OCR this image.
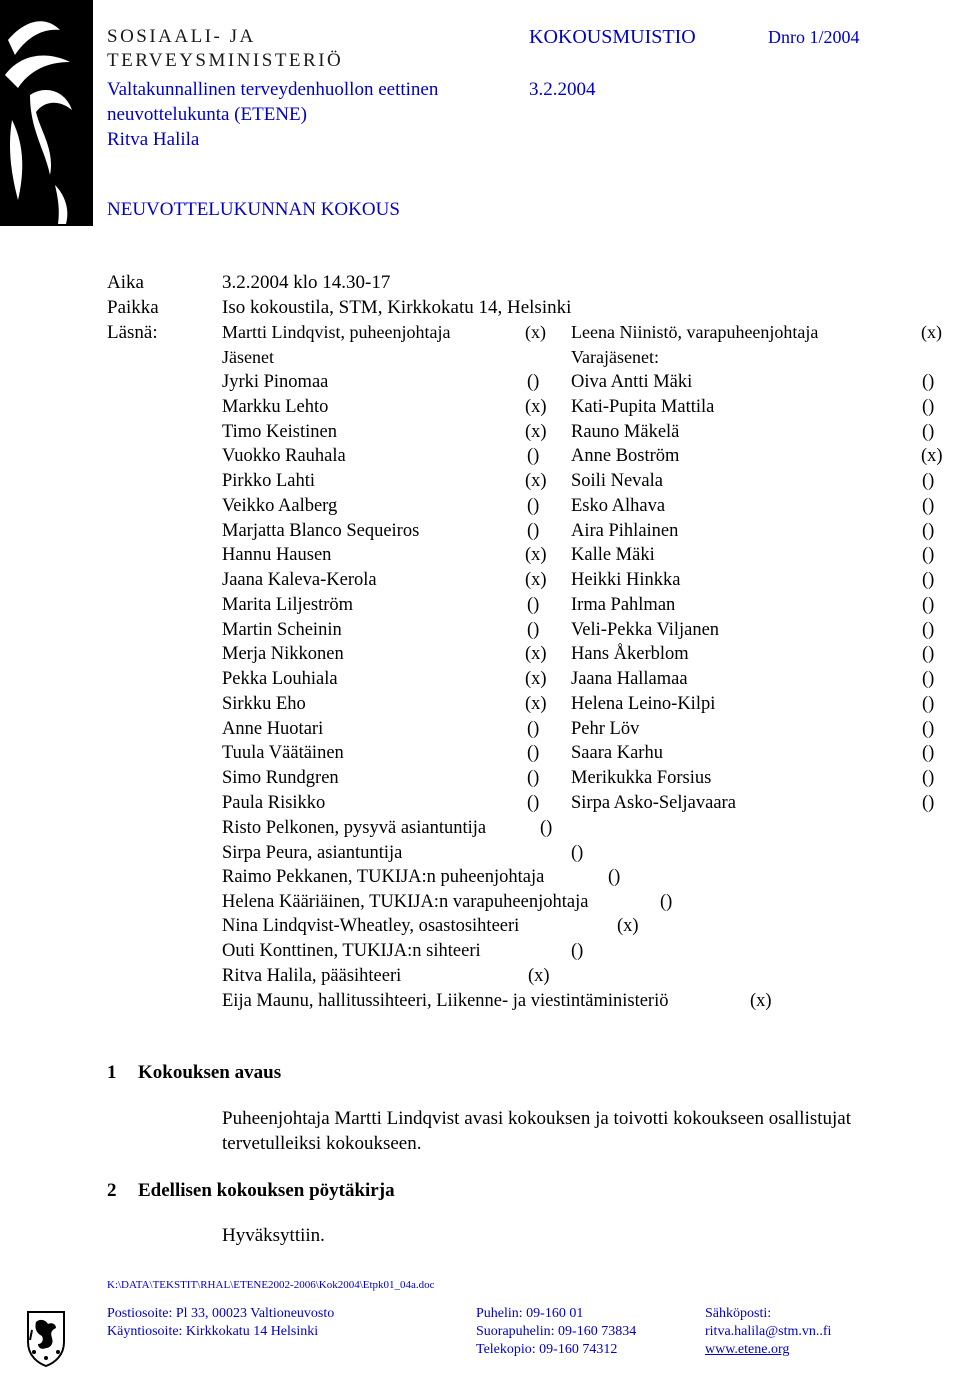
SOSIAALI- JA
TERVEYSMINISTERIÖ
KOKOUSMUISTIO	Dnro 1/2004
Valtakunnallinen terveydenhuollon eettinen	3.2.2004
neuvottelukunta (ETENE)
Ritva Halila
NEUVOTTELUKUNNAN KOKOUS
Aika	3.2.2004 klo 14.30-17
Paikka	Iso kokoustila, STM, Kirkkokatu 14, Helsinki
Läsnä:	Martti Lindqvist, puheenjohtaja	(x) Leena Niinistö, varapuheenjohtaja	(x)
Jäsenet	Varajäsenet:
Jyrki Pinomaa	() Oiva Antti Mäki	()
Markku Lehto	(x) Kati-Pupita Mattila	()
Timo Keistinen	(x) Rauno Mäkelä	()
Vuokko Rauhala	() Anne Boström	(x)
Pirkko Lahti	(x) Soili Nevala	()
Veikko Aalberg	() Esko Alhava	()
Marjatta Blanco Sequeiros	() Aira Pihlainen	()
Hannu Hausen	(x) Kalle Mäki	()
Jaana Kaleva-Kerola	(x) Heikki Hinkka	()
Marita Liljeström	() Irma Pahlman	()
Martin Scheinin	() Veli-Pekka Viljanen	()
Merja Nikkonen	(x) Hans Åkerblom	()
Pekka Louhiala	(x) Jaana Hallamaa	()
Sirkku Eho	(x) Helena Leino-Kilpi	()
Anne Huotari	() Pehr Löv	()
Tuula Väätäinen	() Saara Karhu	()
Simo Rundgren	() Merikukka Forsius	()
Paula Risikko	() Sirpa Asko-Seljavaara	()
Risto Pelkonen, pysyvä asiantuntija	()
Sirpa Peura, asiantuntija	()
Raimo Pekkanen, TUKIJA:n puheenjohtaja	()
Helena Kääriäinen, TUKIJA:n varapuheenjohtaja	()
Nina Lindqvist-Wheatley, osastosihteeri	(x)
Outi Konttinen, TUKIJA:n sihteeri	()
Ritva Halila, pääsihteeri	(x)
Eija Maunu, hallitussihteeri, Liikenne- ja viestintäministeriö	(x)
1 Kokouksen avaus
Puheenjohtaja Martti Lindqvist avasi kokouksen ja toivotti kokoukseen osallistujat
tervetulleiksi kokoukseen.
2 Edellisen kokouksen pöytäkirja
Hyväksyttiin.
K:\DATA\TEKSTIT\RHAL\ETENE2002-2006\Kok2004\Etpk01_04a.doc
Postiosoite: Pl 33, 00023 Valtioneuvosto
Käyntiosoite: Kirkkokatu 14 Helsinki
Puhelin: 09-160 01
Suorapuhelin: 09-160 73834
Telekopio: 09-160 74312
Sähköposti:
ritva.halila@stm.vn..fi
www.etene.org
